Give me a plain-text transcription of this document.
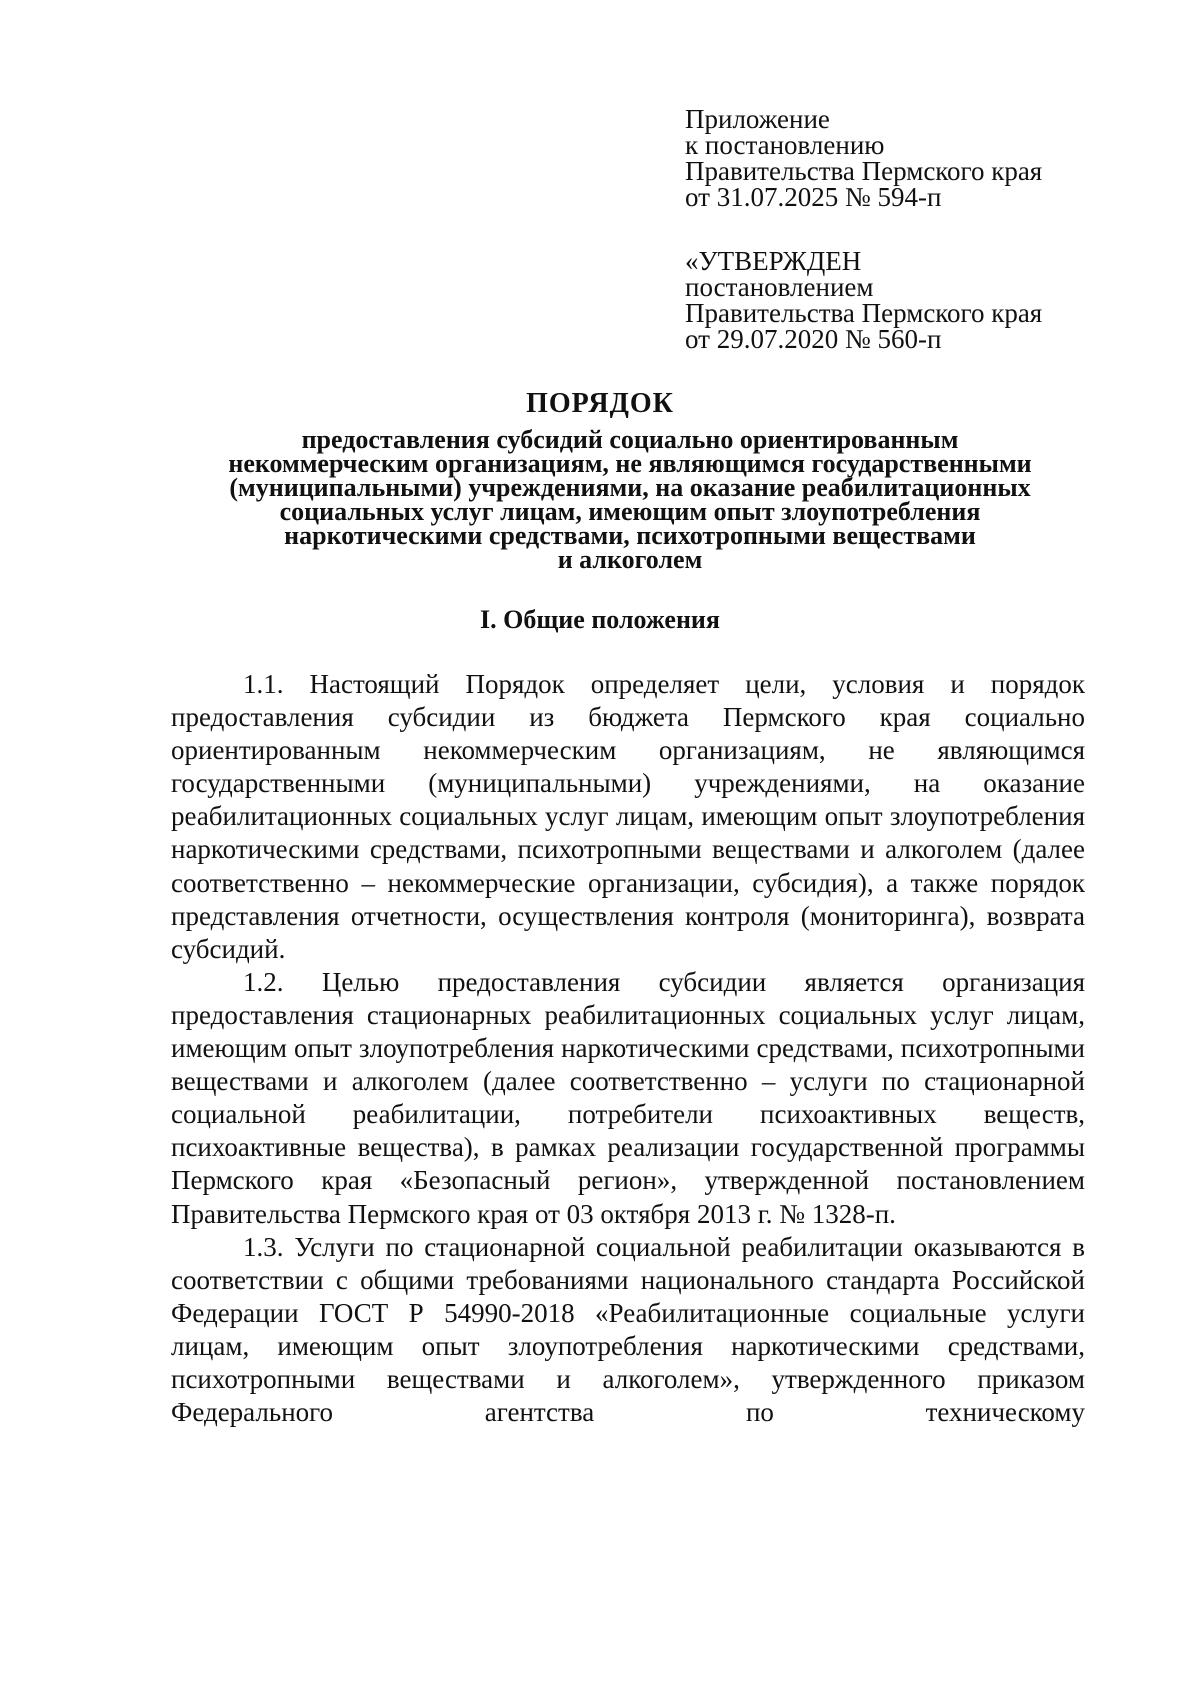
Приложение
к постановлению
Правительства Пермского края
от 31.07.2025 № 594-п
«УТВЕРЖДЕН
постановлением
Правительства Пермского края
от 29.07.2020 № 560-п
ПОРЯДОК
предоставления субсидий социально ориентированным
некоммерческим организациям, не являющимся государственными
(муниципальными) учреждениями, на оказание реабилитационных
социальных услуг лицам, имеющим опыт злоупотребления
наркотическими средствами, психотропными веществами
и алкоголем
I. Общие положения

1.1. Настоящий Порядок определяет цели, условия и порядок предоставления субсидии из бюджета Пермского края социально ориентированным некоммерческим организациям, не являющимся государственными (муниципальными) учреждениями, на оказание реабилитационных социальных услуг лицам, имеющим опыт злоупотребления наркотическими средствами, психотропными веществами и алкоголем (далее соответственно – некоммерческие организации, субсидия), а также порядок представления отчетности, осуществления контроля (мониторинга), возврата субсидий.

1.2. Целью предоставления субсидии является организация предоставления стационарных реабилитационных социальных услуг лицам, имеющим опыт злоупотребления наркотическими средствами, психотропными веществами и алкоголем (далее соответственно – услуги по стационарной социальной реабилитации, потребители психоактивных веществ, психоактивные вещества), в рамках реализации государственной программы Пермского края «Безопасный регион», утвержденной постановлением Правительства Пермского края от 03 октября 2013 г. № 1328-п.

1.3. Услуги по стационарной социальной реабилитации оказываются в соответствии с общими требованиями национального стандарта Российской Федерации ГОСТ Р 54990-2018 «Реабилитационные социальные услуги лицам, имеющим опыт злоупотребления наркотическими средствами, психотропными веществами и алкоголем», утвержденного приказом Федерального агентства по техническому
